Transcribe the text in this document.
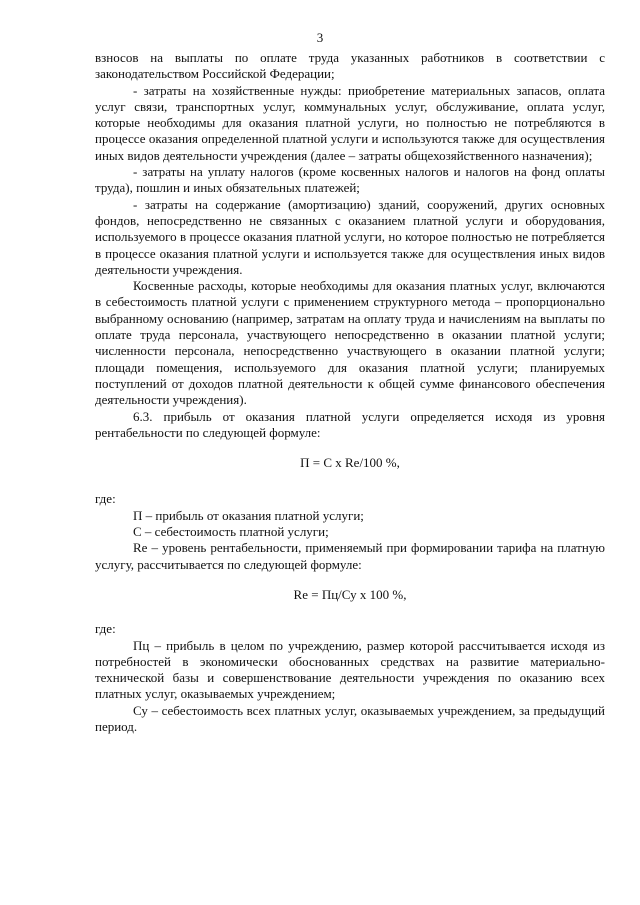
3

взносов на выплаты по оплате труда указанных работников в соответствии с законодательством Российской Федерации;

- затраты на хозяйственные нужды: приобретение материальных запасов, оплата услуг связи, транспортных услуг, коммунальных услуг, обслуживание, оплата услуг, которые необходимы для оказания платной услуги, но полностью не потребляются в процессе оказания определенной платной услуги и используются также для осуществления иных видов деятельности учреждения (далее – затраты общехозяйственного назначения);

- затраты на уплату налогов (кроме косвенных налогов и налогов на фонд оплаты труда), пошлин и иных обязательных платежей;

- затраты на содержание (амортизацию) зданий, сооружений, других основных фондов, непосредственно не связанных с оказанием платной услуги и оборудования, используемого в процессе оказания платной услуги, но которое полностью не потребляется в процессе оказания платной услуги и используется также для осуществления иных видов деятельности учреждения.

Косвенные расходы, которые необходимы для оказания платных услуг, включаются в себестоимость платной услуги с применением структурного метода – пропорционально выбранному основанию (например, затратам на оплату труда и начислениям на выплаты по оплате труда персонала, участвующего непосредственно в оказании платной услуги; численности персонала, непосредственно участвующего в оказании платной услуги; площади помещения, используемого для оказания платной услуги; планируемых поступлений от доходов платной деятельности к общей сумме финансового обеспечения деятельности учреждения).

6.3. прибыль от оказания платной услуги определяется исходя из уровня рентабельности по следующей формуле:

П = С х Re/100 %,

где:

П – прибыль от оказания платной услуги;

С – себестоимость платной услуги;

Re – уровень рентабельности, применяемый при формировании тарифа на платную услугу, рассчитывается по следующей формуле:

Re = Пц/Су х 100 %,

где:

Пц – прибыль в целом по учреждению, размер которой рассчитывается исходя из потребностей в экономически обоснованных средствах на развитие материально-технической базы и совершенствование деятельности учреждения по оказанию всех платных услуг, оказываемых учреждением;

Су – себестоимость всех платных услуг, оказываемых учреждением, за предыдущий период.
